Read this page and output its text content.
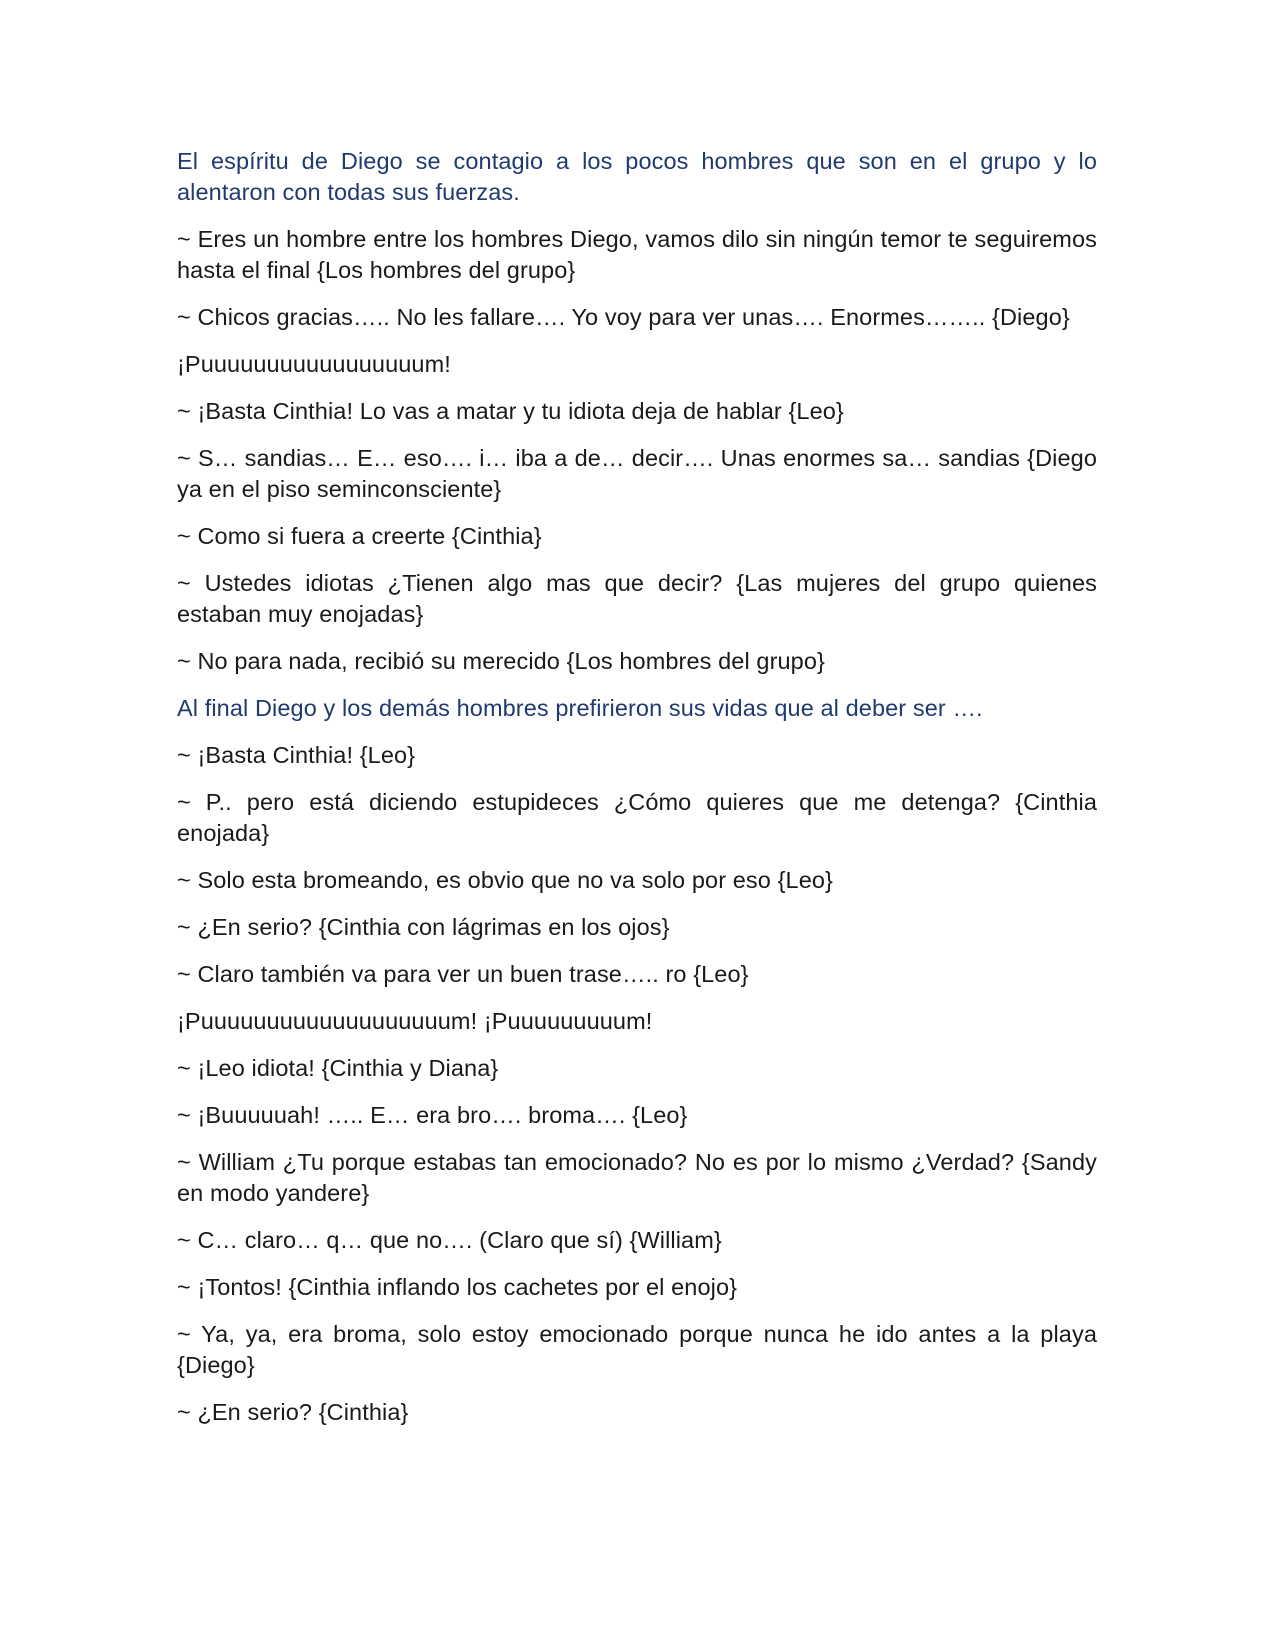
El espíritu de Diego se contagio a los pocos hombres que son en el grupo y lo alentaron con todas sus fuerzas.

~ Eres un hombre entre los hombres Diego, vamos dilo sin ningún temor te seguiremos hasta el final {Los hombres del grupo}

~ Chicos gracias….. No les fallare…. Yo voy para ver unas…. Enormes…….. {Diego}

¡Puuuuuuuuuuuuuuuuum!

~ ¡Basta Cinthia! Lo vas a matar y tu idiota deja de hablar {Leo}

~ S… sandias… E… eso…. i… iba a de… decir…. Unas enormes sa… sandias {Diego ya en el piso seminconsciente}

~ Como si fuera a creerte {Cinthia}

~ Ustedes idiotas ¿Tienen algo mas que decir? {Las mujeres del grupo quienes estaban muy enojadas}

~ No para nada, recibió su merecido {Los hombres del grupo}

Al final Diego y los demás hombres prefirieron sus vidas que al deber ser ….

~ ¡Basta Cinthia! {Leo}

~ P.. pero está diciendo estupideces ¿Cómo quieres que me detenga? {Cinthia enojada}

~ Solo esta bromeando, es obvio que no va solo por eso {Leo}

~ ¿En serio? {Cinthia con lágrimas en los ojos}

~ Claro también va para ver un buen trase….. ro {Leo}

¡Puuuuuuuuuuuuuuuuuuum! ¡Puuuuuuuuum!

~ ¡Leo idiota! {Cinthia y Diana}

~ ¡Buuuuuah! ….. E… era bro…. broma…. {Leo}

~ William ¿Tu porque estabas tan emocionado? No es por lo mismo ¿Verdad? {Sandy en modo yandere}

~ C… claro… q… que no…. (Claro que sí) {William}

~ ¡Tontos! {Cinthia inflando los cachetes por el enojo}

~ Ya, ya, era broma, solo estoy emocionado porque nunca he ido antes a la playa {Diego}

~ ¿En serio? {Cinthia}
